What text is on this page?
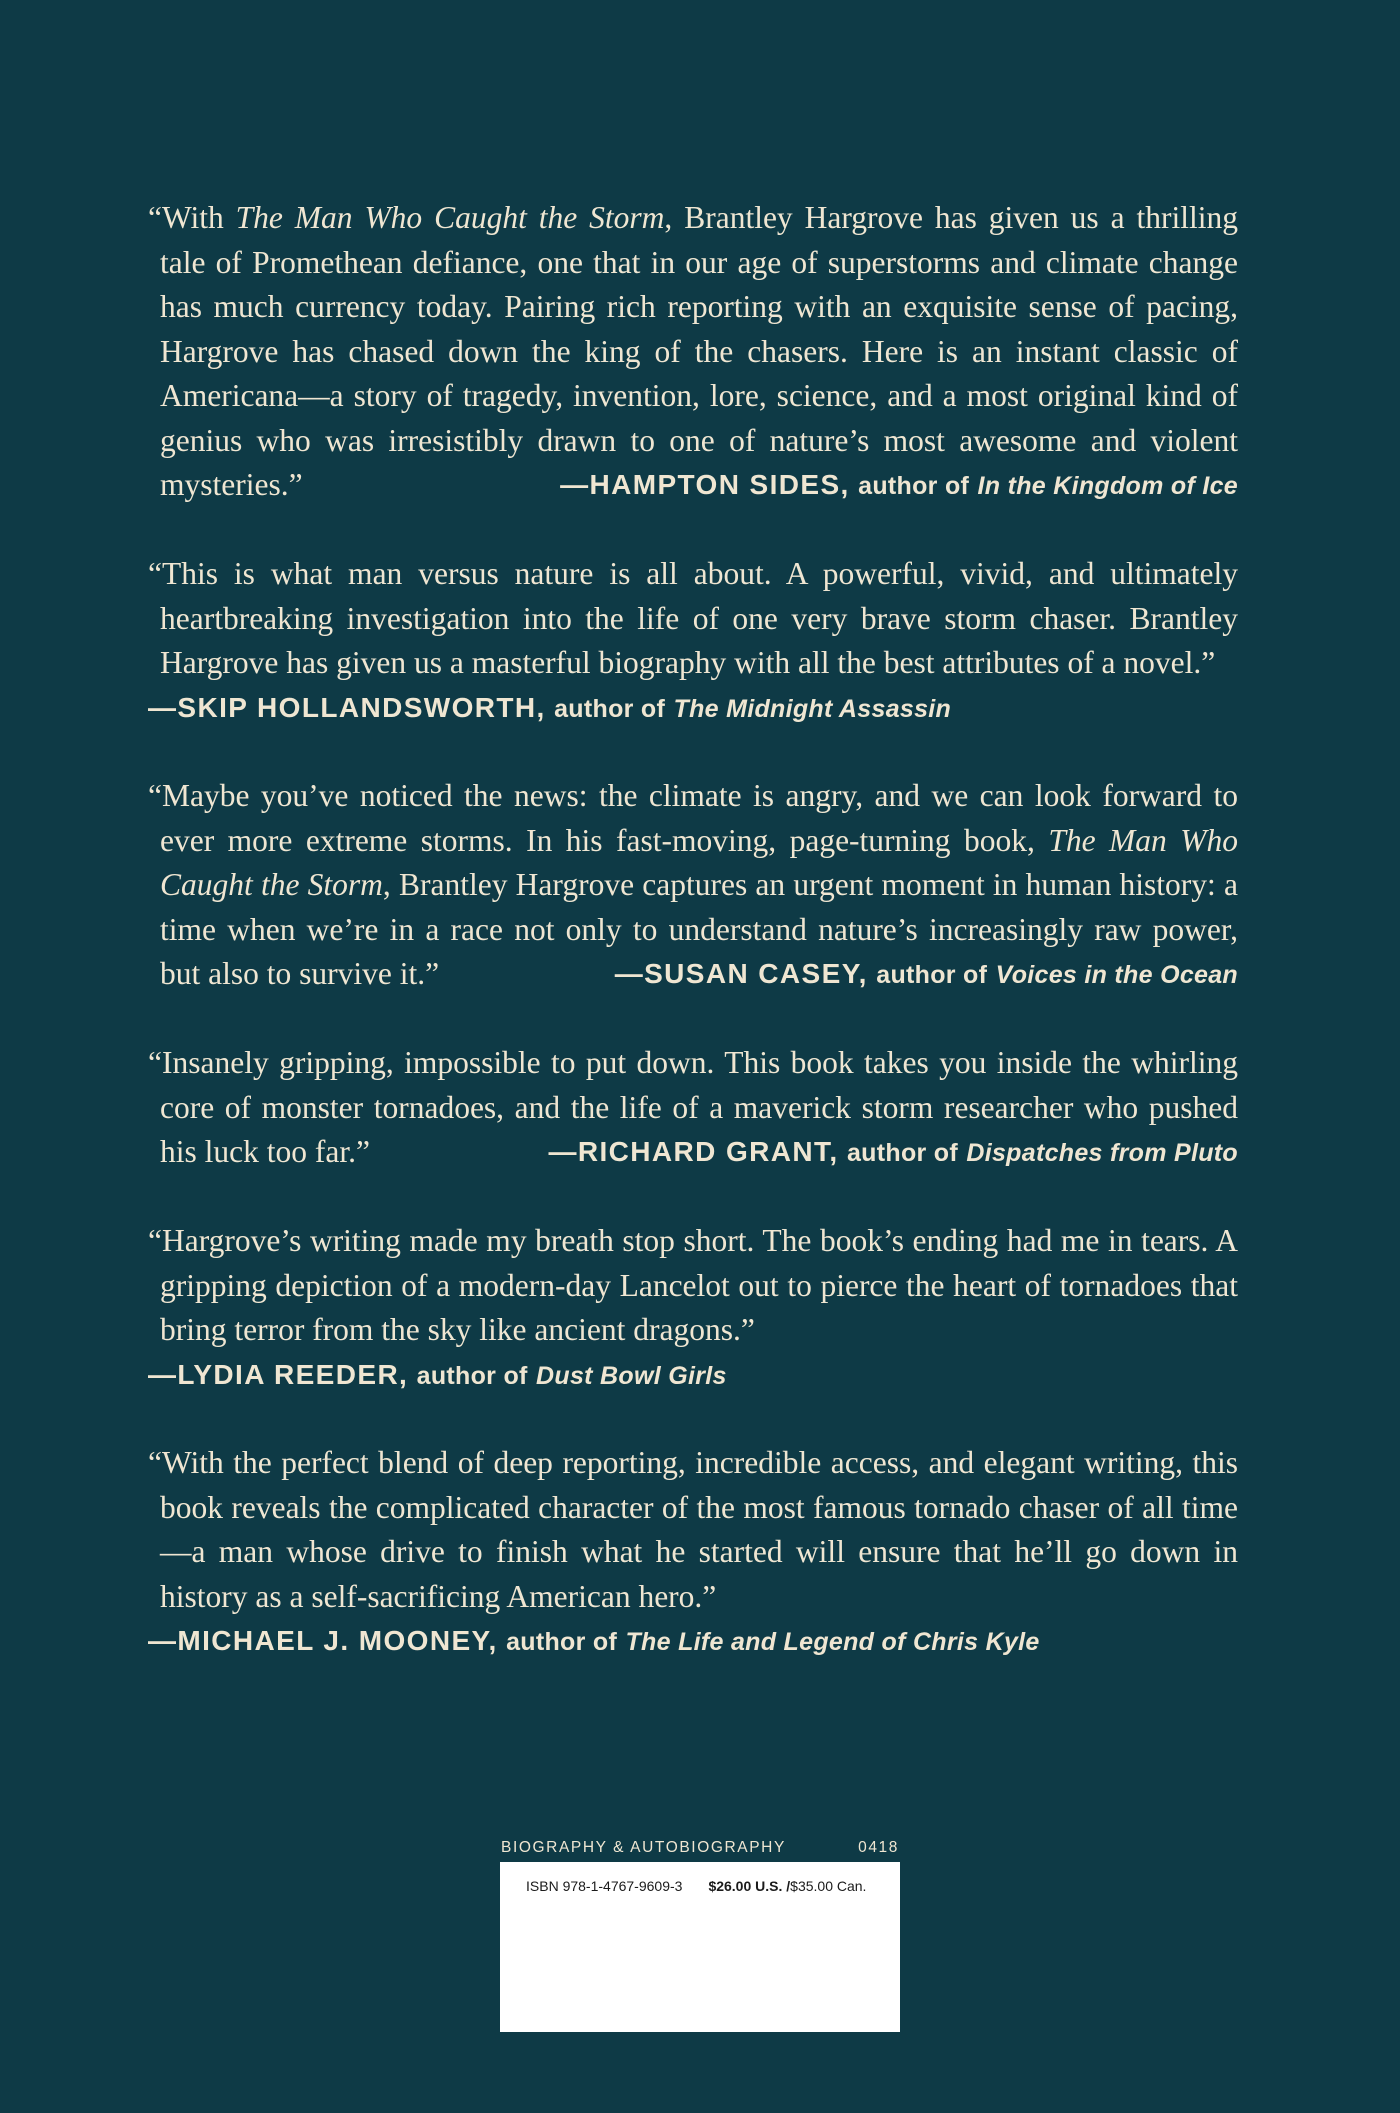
“With The Man Who Caught the Storm, Brantley Hargrove has given us a thrilling tale of Promethean defiance, one that in our age of superstorms and climate change has much currency today. Pairing rich reporting with an exquisite sense of pacing, Hargrove has chased down the king of the chasers. Here is an instant classic of Americana—a story of tragedy, invention, lore, science, and a most original kind of genius who was irresistibly drawn to one of nature’s most awesome and violent mysteries.”	—HAMPTON SIDES, author of In the Kingdom of Ice

“This is what man versus nature is all about. A powerful, vivid, and ultimately heartbreaking investigation into the life of one very brave storm chaser. Brantley Hargrove has given us a masterful biography with all the best attributes of a novel.”

—SKIP HOLLANDSWORTH, author of The Midnight Assassin

“Maybe you’ve noticed the news: the climate is angry, and we can look forward to ever more extreme storms. In his fast-moving, page-turning book, The Man Who Caught the Storm, Brantley Hargrove captures an urgent moment in human history: a time when we’re in a race not only to understand nature’s increasingly raw power, but also to survive it.”	—SUSAN CASEY, author of Voices in the Ocean

“Insanely gripping, impossible to put down. This book takes you inside the whirling core of monster tornadoes, and the life of a maverick storm researcher who pushed his luck too far.”	—RICHARD GRANT, author of Dispatches from Pluto

“Hargrove’s writing made my breath stop short. The book’s ending had me in tears. A gripping depiction of a modern-day Lancelot out to pierce the heart of tornadoes that bring terror from the sky like ancient dragons.”

—LYDIA REEDER, author of Dust Bowl Girls

“With the perfect blend of deep reporting, incredible access, and elegant writing, this book reveals the complicated character of the most famous tornado chaser of all time—a man whose drive to finish what he started will ensure that he’ll go down in history as a self-sacrificing American hero.”

—MICHAEL J. MOONEY, author of The Life and Legend of Chris Kyle
BIOGRAPHY & AUTOBIOGRAPHY	0418
ISBN 978-1-4767-9609-3 $26.00 U.S. /$35.00 Can.
